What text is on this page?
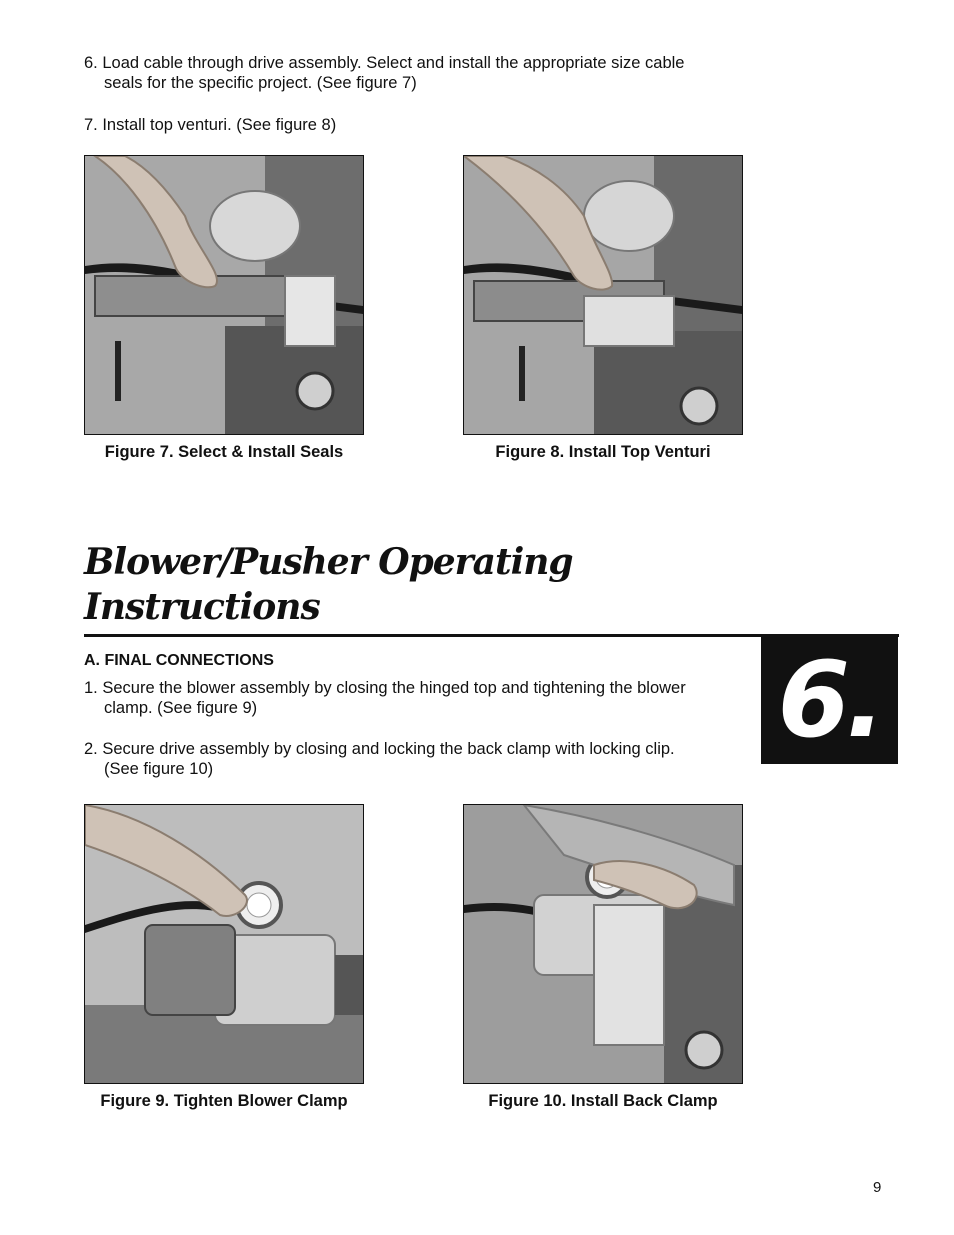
6. Load cable through drive assembly. Select and install the appropriate size cable
seals for the specific project. (See figure 7)
7. Install top venturi. (See figure 8)
Figure 7. Select & Install Seals	Figure 8. Install Top Venturi
Blower/Pusher Operating
Instructions
6.
A. FINAL CONNECTIONS
1. Secure the blower assembly by closing the hinged top and tightening the blower
clamp. (See figure 9)
2. Secure drive assembly by closing and locking the back clamp with locking clip.
(See figure 10)
Figure 9. Tighten Blower Clamp	Figure 10. Install Back Clamp
9
